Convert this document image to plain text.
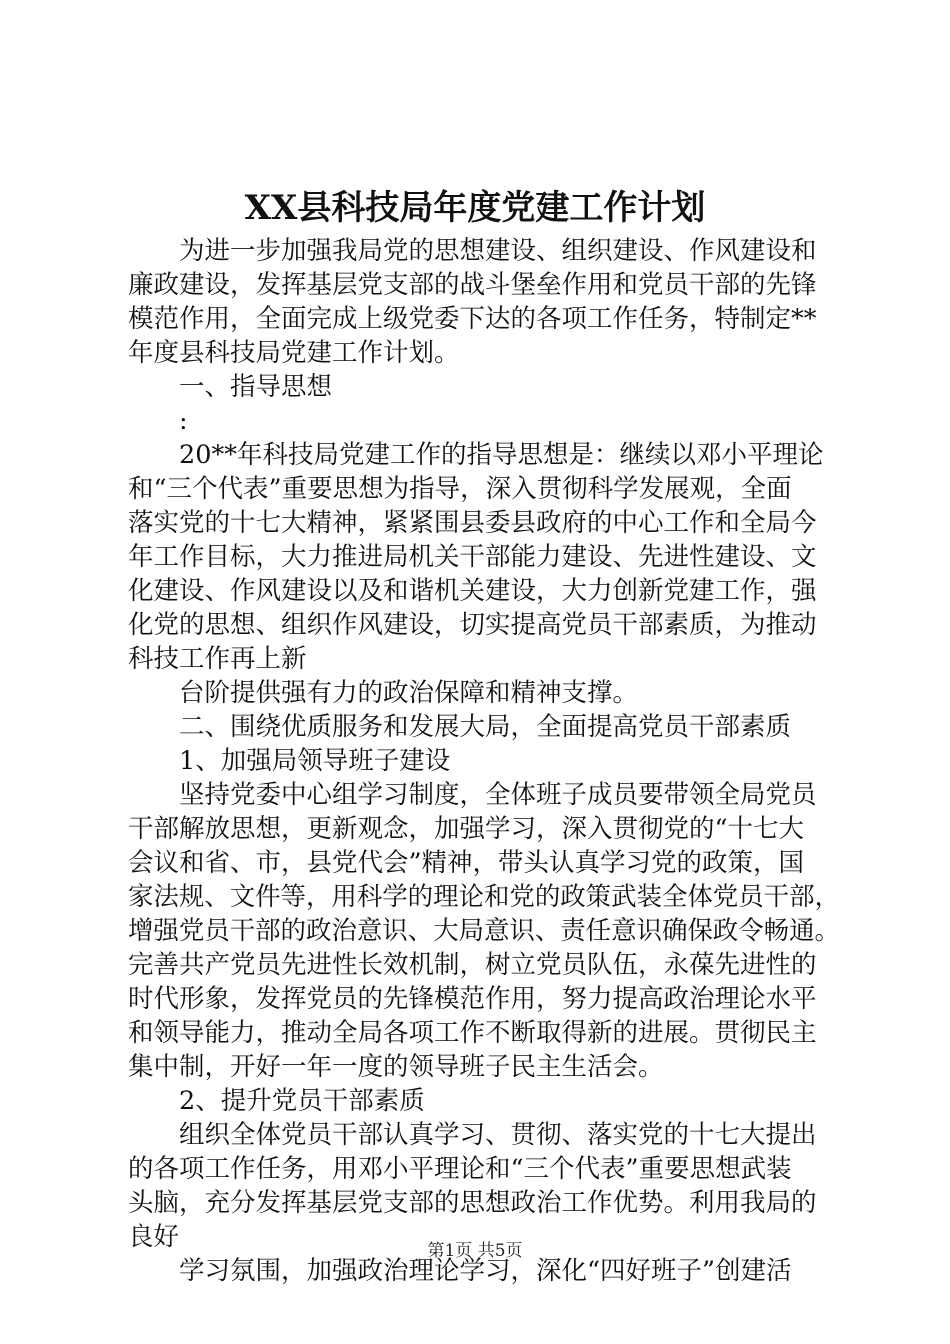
XX县科技局年度党建工作计划
　　为进一步加强我局党的思想建设、组织建设、作风建设和
廉政建设，发挥基层党支部的战斗堡垒作用和党员干部的先锋
模范作用，全面完成上级党委下达的各项工作任务，特制定**
年度县科技局党建工作计划。
　　一、指导思想
　　:
　　20**年科技局党建工作的指导思想是：继续以邓小平理论
和“三个代表”重要思想为指导，深入贯彻科学发展观，全面
落实党的十七大精神，紧紧围县委县政府的中心工作和全局今
年工作目标，大力推进局机关干部能力建设、先进性建设、文
化建设、作风建设以及和谐机关建设，大力创新党建工作，强
化党的思想、组织作风建设，切实提高党员干部素质，为推动
科技工作再上新
　　台阶提供强有力的政治保障和精神支撑。
　　二、围绕优质服务和发展大局，全面提高党员干部素质
　　1、加强局领导班子建设
　　坚持党委中心组学习制度，全体班子成员要带领全局党员
干部解放思想，更新观念，加强学习，深入贯彻党的“十七大
会议和省、市，县党代会”精神，带头认真学习党的政策，国
家法规、文件等，用科学的理论和党的政策武装全体党员干部，
增强党员干部的政治意识、大局意识、责任意识确保政令畅通。
完善共产党员先进性长效机制，树立党员队伍，永葆先进性的
时代形象，发挥党员的先锋模范作用，努力提高政治理论水平
和领导能力，推动全局各项工作不断取得新的进展。贯彻民主
集中制，开好一年一度的领导班子民主生活会。
　　2、提升党员干部素质
　　组织全体党员干部认真学习、贯彻、落实党的十七大提出
的各项工作任务，用邓小平理论和“三个代表”重要思想武装
头脑，充分发挥基层党支部的思想政治工作优势。利用我局的
良好
　　学习氛围，加强政治理论学习，深化“四好班子”创建活
第1页 共5页
